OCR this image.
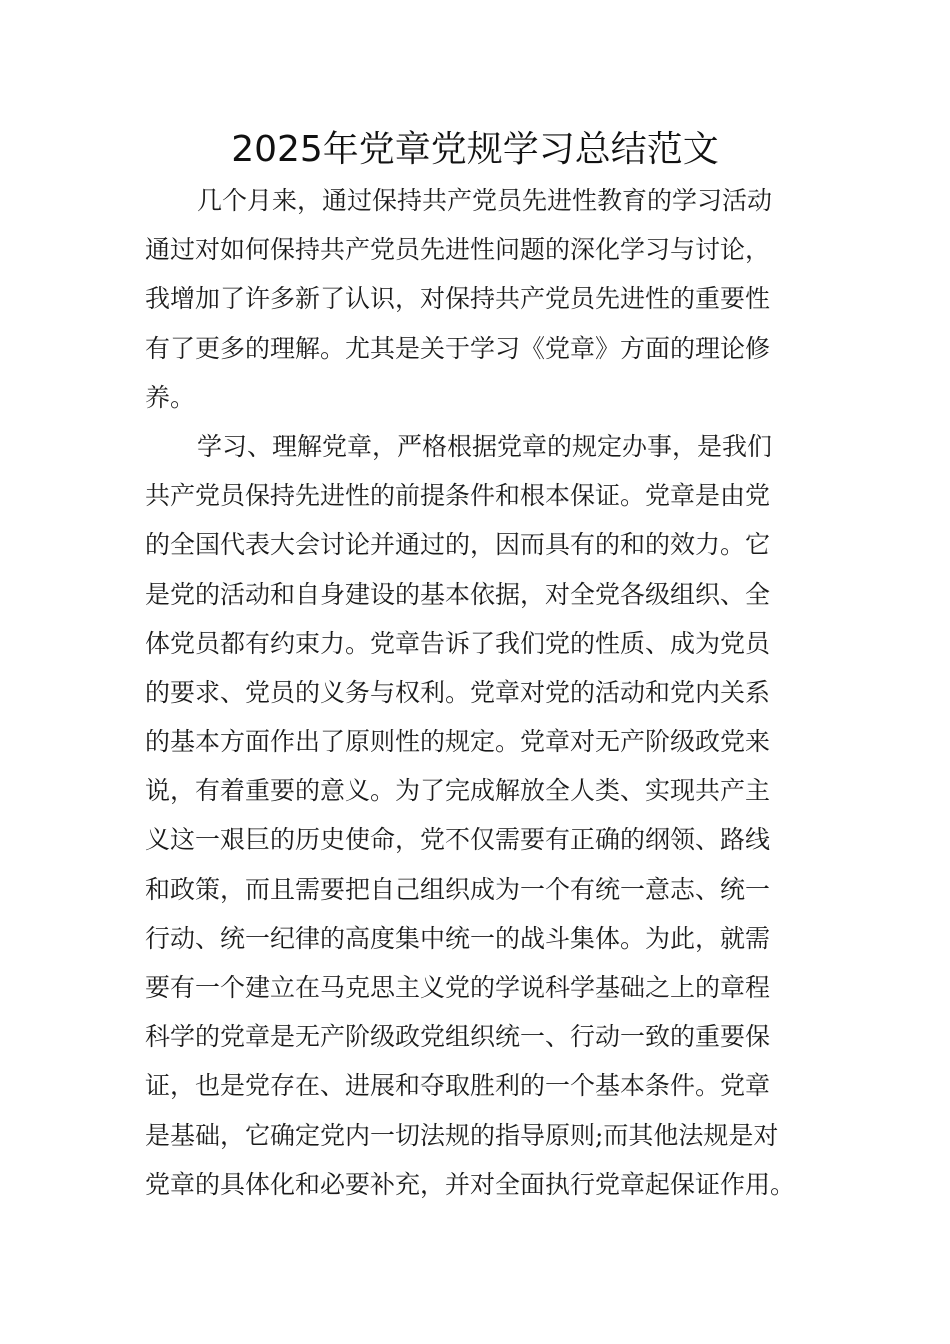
2025年党章党规学习总结范文
几个月来，通过保持共产党员先进性教育的学习活动
通过对如何保持共产党员先进性问题的深化学习与讨论，
我增加了许多新了认识，对保持共产党员先进性的重要性
有了更多的理解。尤其是关于学习《党章》方面的理论修
养。
学习、理解党章，严格根据党章的规定办事，是我们
共产党员保持先进性的前提条件和根本保证。党章是由党
的全国代表大会讨论并通过的，因而具有的和的效力。它
是党的活动和自身建设的基本依据，对全党各级组织、全
体党员都有约束力。党章告诉了我们党的性质、成为党员
的要求、党员的义务与权利。党章对党的活动和党内关系
的基本方面作出了原则性的规定。党章对无产阶级政党来
说，有着重要的意义。为了完成解放全人类、实现共产主
义这一艰巨的历史使命，党不仅需要有正确的纲领、路线
和政策，而且需要把自己组织成为一个有统一意志、统一
行动、统一纪律的高度集中统一的战斗集体。为此，就需
要有一个建立在马克思主义党的学说科学基础之上的章程
科学的党章是无产阶级政党组织统一、行动一致的重要保
证，也是党存在、进展和夺取胜利的一个基本条件。党章
是基础，它确定党内一切法规的指导原则;而其他法规是对
党章的具体化和必要补充，并对全面执行党章起保证作用。
